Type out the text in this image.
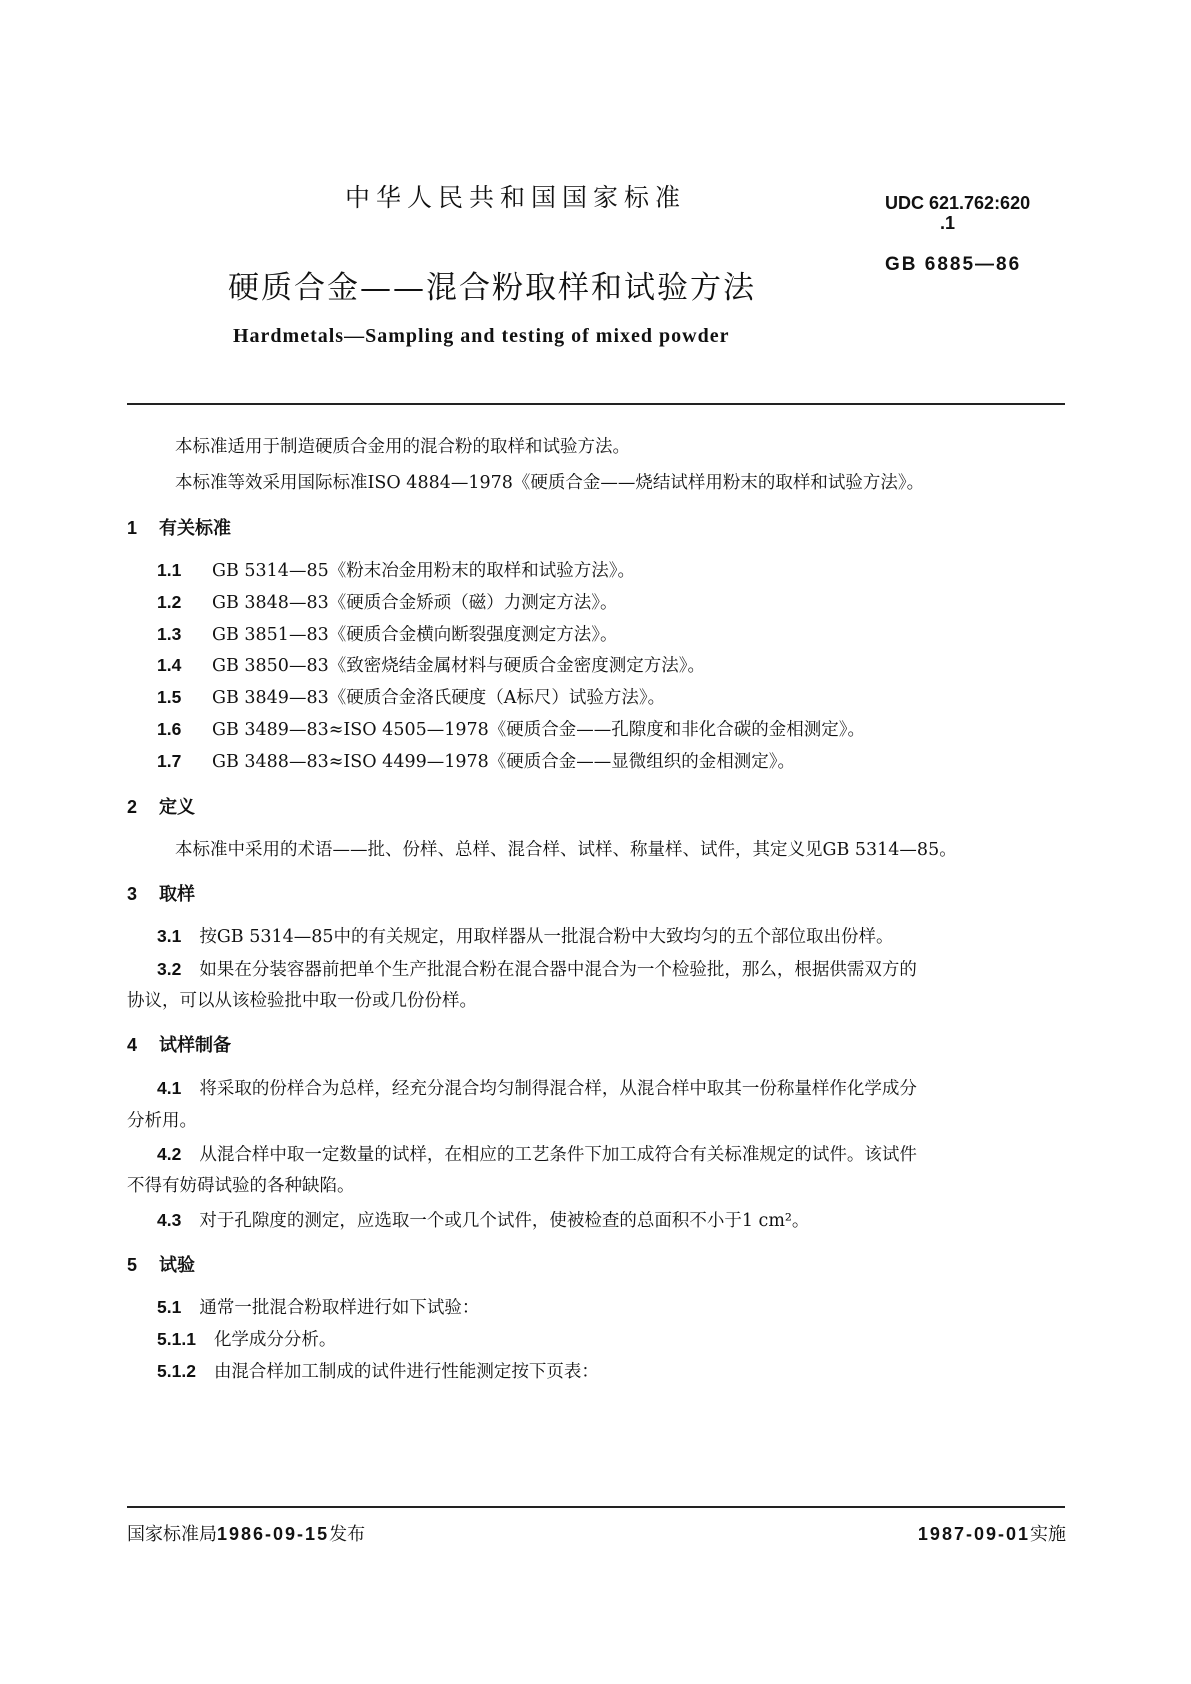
中华人民共和国国家标准	UDC 621.762:620
.1
GB 6885—86
硬质合金——混合粉取样和试验方法
Hardmetals—Sampling and testing of mixed powder
本标准适用于制造硬质合金用的混合粉的取样和试验方法。
本标准等效采用国际标准ISO 4884—1978《硬质合金——烧结试样用粉末的取样和试验方法》。
1 有关标准
1.1 GB 5314—85《粉末冶金用粉末的取样和试验方法》。
1.2 GB 3848—83《硬质合金矫顽（磁）力测定方法》。
1.3 GB 3851—83《硬质合金横向断裂强度测定方法》。
1.4 GB 3850—83《致密烧结金属材料与硬质合金密度测定方法》。
1.5 GB 3849—83《硬质合金洛氏硬度（A标尺）试验方法》。
1.6 GB 3489—83≈ISO 4505—1978《硬质合金——孔隙度和非化合碳的金相测定》。
1.7 GB 3488—83≈ISO 4499—1978《硬质合金——显微组织的金相测定》。
2 定义
本标准中采用的术语——批、份样、总样、混合样、试样、称量样、试件，其定义见GB 5314—85。
3 取样
3.1 按GB 5314—85中的有关规定，用取样器从一批混合粉中大致均匀的五个部位取出份样。
3.2 如果在分装容器前把单个生产批混合粉在混合器中混合为一个检验批，那么，根据供需双方的
协议，可以从该检验批中取一份或几份份样。
4 试样制备
4.1 将采取的份样合为总样，经充分混合均匀制得混合样，从混合样中取其一份称量样作化学成分
分析用。
4.2 从混合样中取一定数量的试样，在相应的工艺条件下加工成符合有关标准规定的试件。该试件
不得有妨碍试验的各种缺陷。
4.3 对于孔隙度的测定，应选取一个或几个试件，使被检查的总面积不小于1 cm²。
5 试验
5.1 通常一批混合粉取样进行如下试验：
5.1.1 化学成分分析。
5.1.2 由混合样加工制成的试件进行性能测定按下页表：
国家标准局1986-09-15发布	1987-09-01实施
